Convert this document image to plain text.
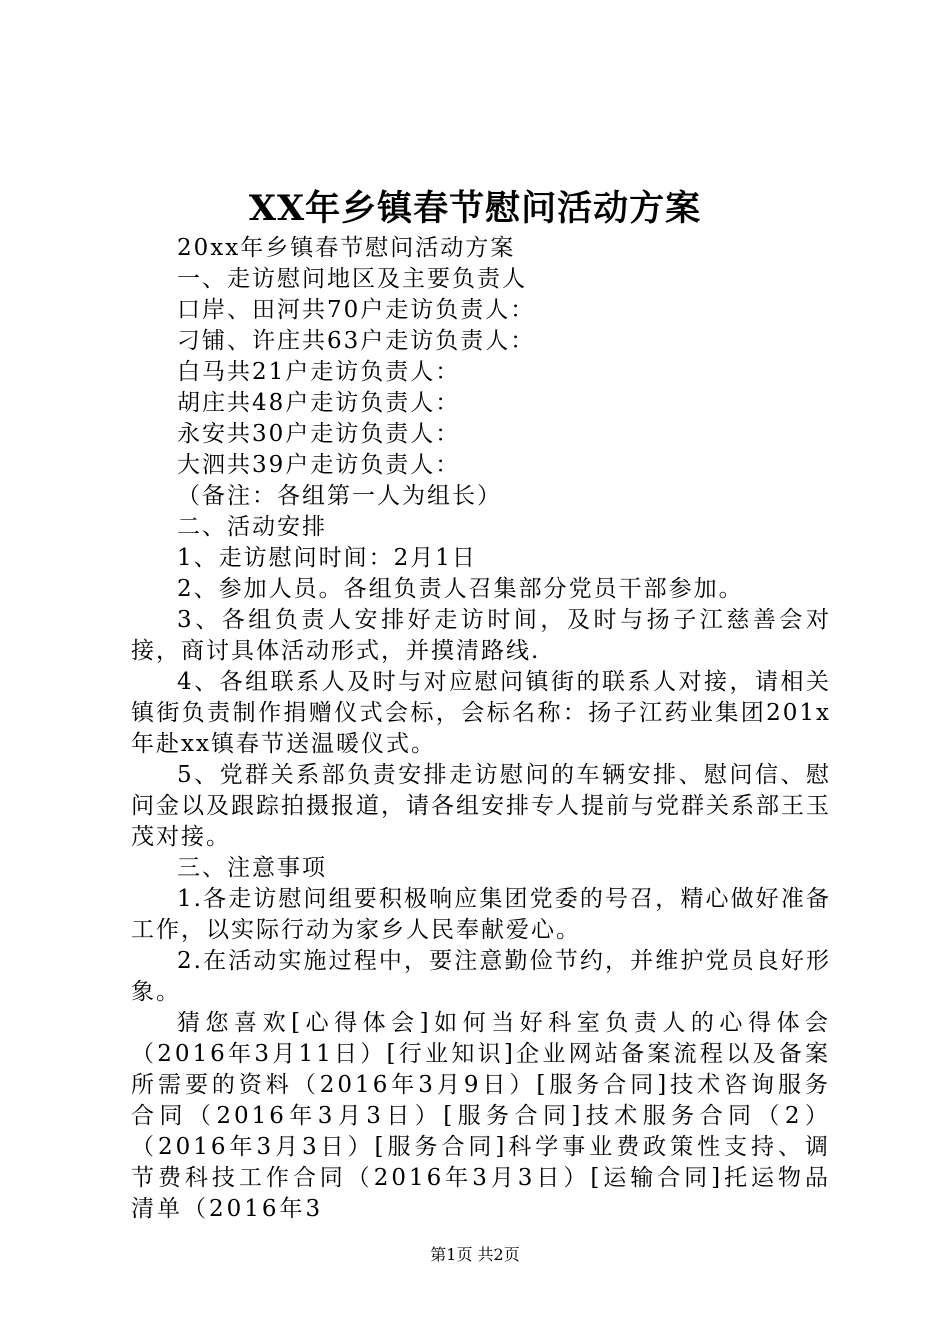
XX年乡镇春节慰问活动方案
20xx年乡镇春节慰问活动方案
一、走访慰问地区及主要负责人
口岸、田河共70户走访负责人：
刁铺、许庄共63户走访负责人：
白马共21户走访负责人：
胡庄共48户走访负责人：
永安共30户走访负责人：
大泗共39户走访负责人：
（备注：各组第一人为组长）
二、活动安排
1、走访慰问时间：2月1日
2、参加人员。各组负责人召集部分党员干部参加。
3、各组负责人安排好走访时间，及时与扬子江慈善会对接，商讨具体活动形式，并摸清路线.
4、各组联系人及时与对应慰问镇街的联系人对接，请相关镇街负责制作捐赠仪式会标，会标名称：扬子江药业集团201x年赴xx镇春节送温暖仪式。
5、党群关系部负责安排走访慰问的车辆安排、慰问信、慰问金以及跟踪拍摄报道，请各组安排专人提前与党群关系部王玉茂对接。
三、注意事项
1.各走访慰问组要积极响应集团党委的号召，精心做好准备工作，以实际行动为家乡人民奉献爱心。
2.在活动实施过程中，要注意勤俭节约，并维护党员良好形象。
猜您喜欢[心得体会]如何当好科室负责人的心得体会（2016年3月11日）[行业知识]企业网站备案流程以及备案所需要的资料（2016年3月9日）[服务合同]技术咨询服务合同（2016年3月3日）[服务合同]技术服务合同（2）（2016年3月3日）[服务合同]科学事业费政策性支持、调节费科技工作合同（2016年3月3日）[运输合同]托运物品清单（2016年3
第1页 共2页
